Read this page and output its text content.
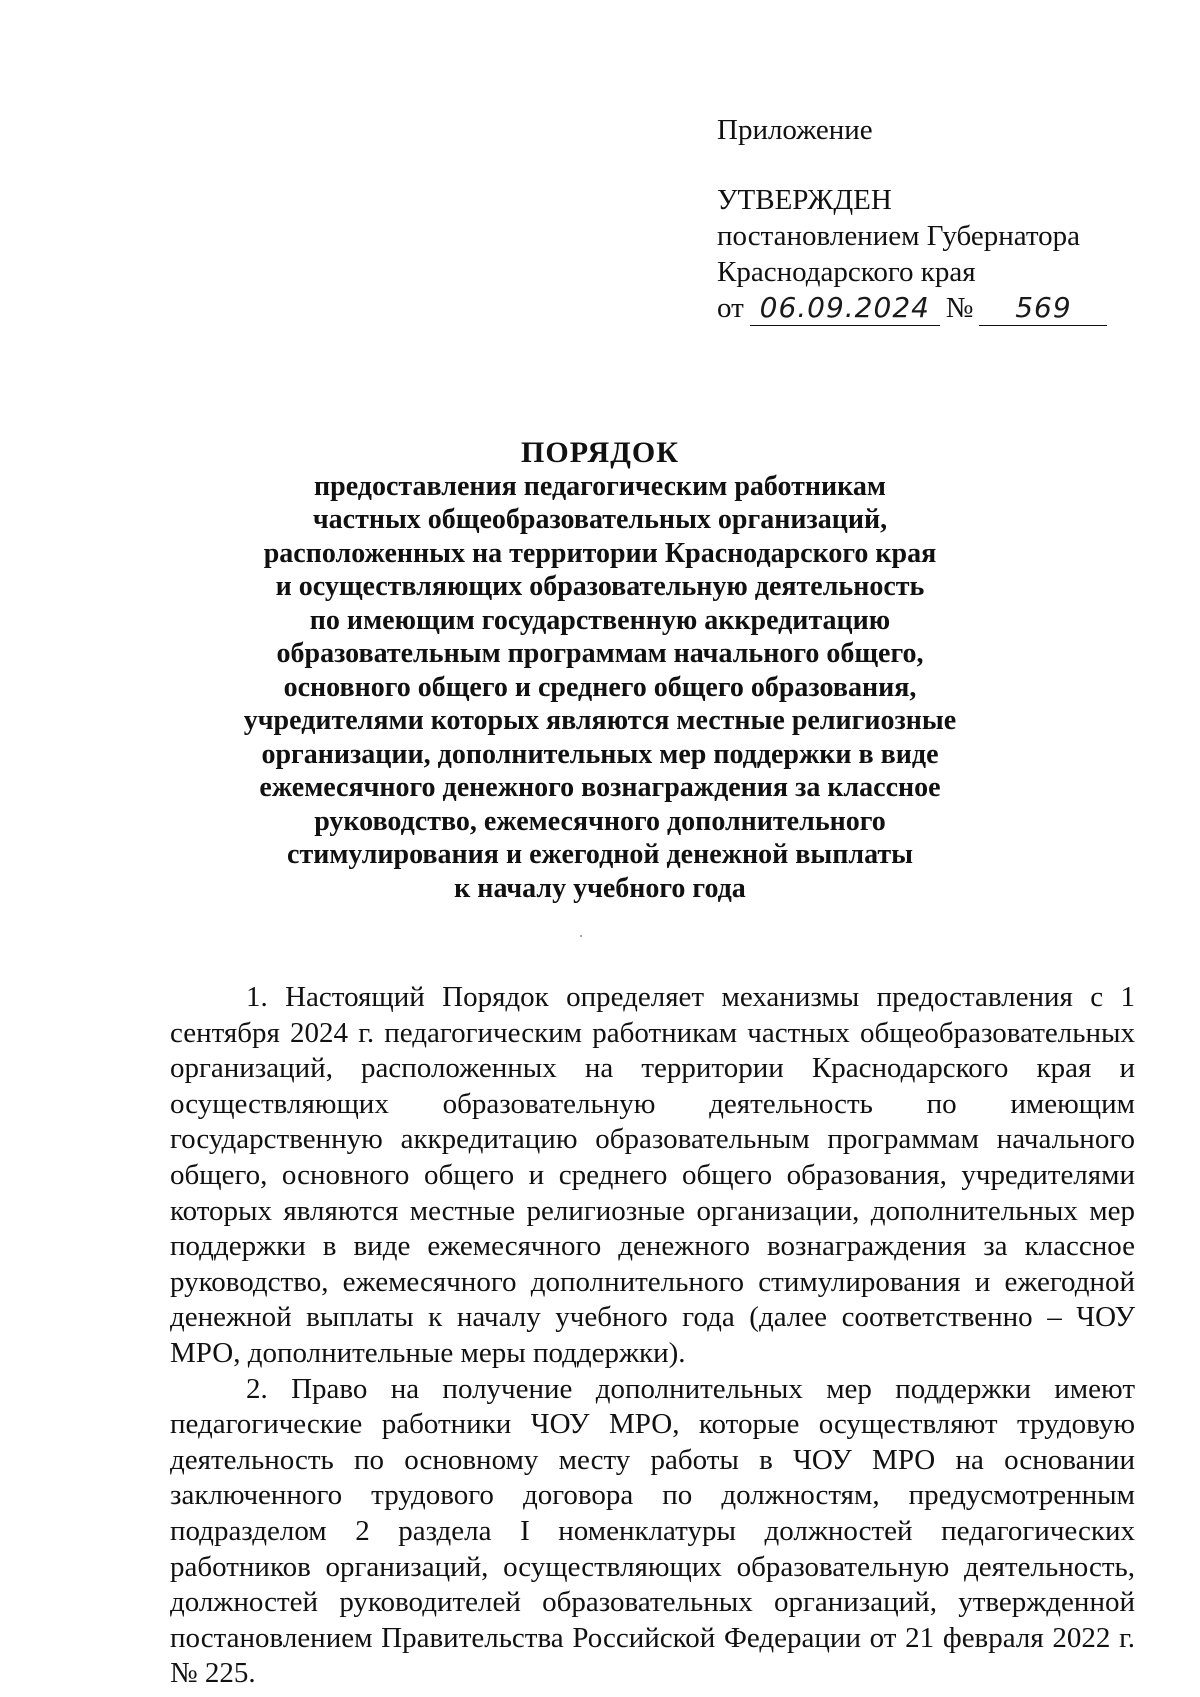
Приложение
УТВЕРЖДЕН
постановлением Губернатора
Краснодарского края
от 06.09.2024 №	569
ПОРЯДОК
предоставления педагогическим работникам
частных общеобразовательных организаций,
расположенных на территории Краснодарского края
и осуществляющих образовательную деятельность
по имеющим государственную аккредитацию
образовательным программам начального общего,
основного общего и среднего общего образования,
учредителями которых являются местные религиозные
организации, дополнительных мер поддержки в виде
ежемесячного денежного вознаграждения за классное
руководство, ежемесячного дополнительного
стимулирования и ежегодной денежной выплаты
к началу учебного года

1. Настоящий Порядок определяет механизмы предоставления с 1 сентября 2024 г. педагогическим работникам частных общеобразовательных организаций, расположенных на территории Краснодарского края и осуществляющих образовательную деятельность по имеющим государственную аккредитацию образовательным программам начального общего, основного общего и среднего общего образования, учредителями которых являются местные религиозные организации, дополнительных мер поддержки в виде ежемесячного денежного вознаграждения за классное руководство, ежемесячного дополнительного стимулирования и ежегодной денежной выплаты к началу учебного года (далее соответственно – ЧОУ МРО, дополнительные меры поддержки).

2. Право на получение дополнительных мер поддержки имеют педагогические работники ЧОУ МРО, которые осуществляют трудовую деятельность по основному месту работы в ЧОУ МРО на основании заключенного трудового договора по должностям, предусмотренным подразделом 2 раздела I номенклатуры должностей педагогических работников организаций, осуществляющих образовательную деятельность, должностей руководителей образовательных организаций, утвержденной постановлением Правительства Российской Федерации от 21 февраля 2022 г. № 225.
